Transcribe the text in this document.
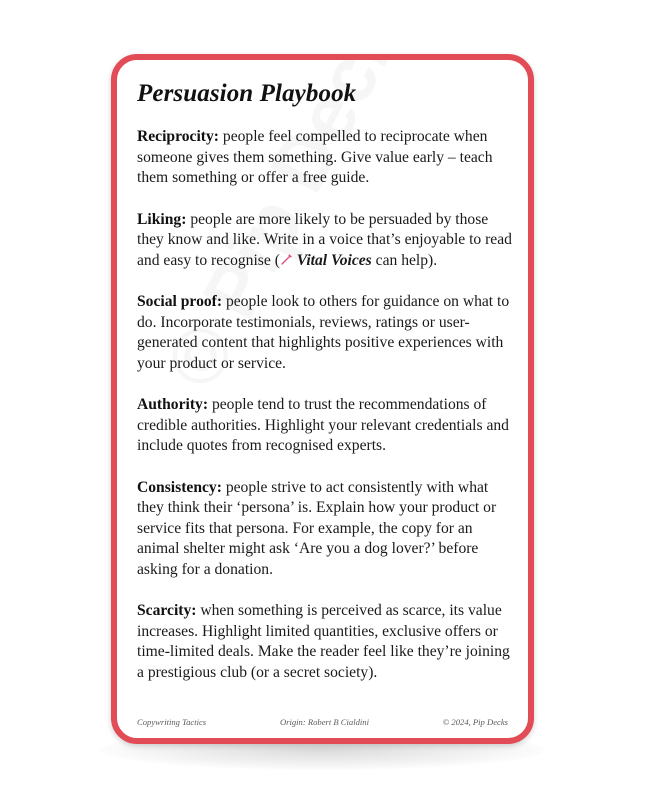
Persuasion Playbook

Reciprocity: people feel compelled to reciprocate when someone gives them something. Give value early – teach them something or offer a free guide.

Liking: people are more likely to be persuaded by those they know and like. Write in a voice that’s enjoyable to read and easy to recognise ( Vital Voices can help).

Social proof: people look to others for guidance on what to do. Incorporate testimonials, reviews, ratings or user-generated content that highlights positive experiences with your product or service.

Authority: people tend to trust the recommendations of credible authorities. Highlight your relevant credentials and include quotes from recognised experts.

Consistency: people strive to act consistently with what they think their ‘persona’ is. Explain how your product or service fits that persona. For example, the copy for an animal shelter might ask ‘Are you a dog lover?’ before asking for a donation.

Scarcity: when something is perceived as scarce, its value increases. Highlight limited quantities, exclusive offers or time-limited deals. Make the reader feel like they’re joining a prestigious club (or a secret society).

Copywriting Tactics	Origin: Robert B Cialdini	© 2024, Pip Decks
